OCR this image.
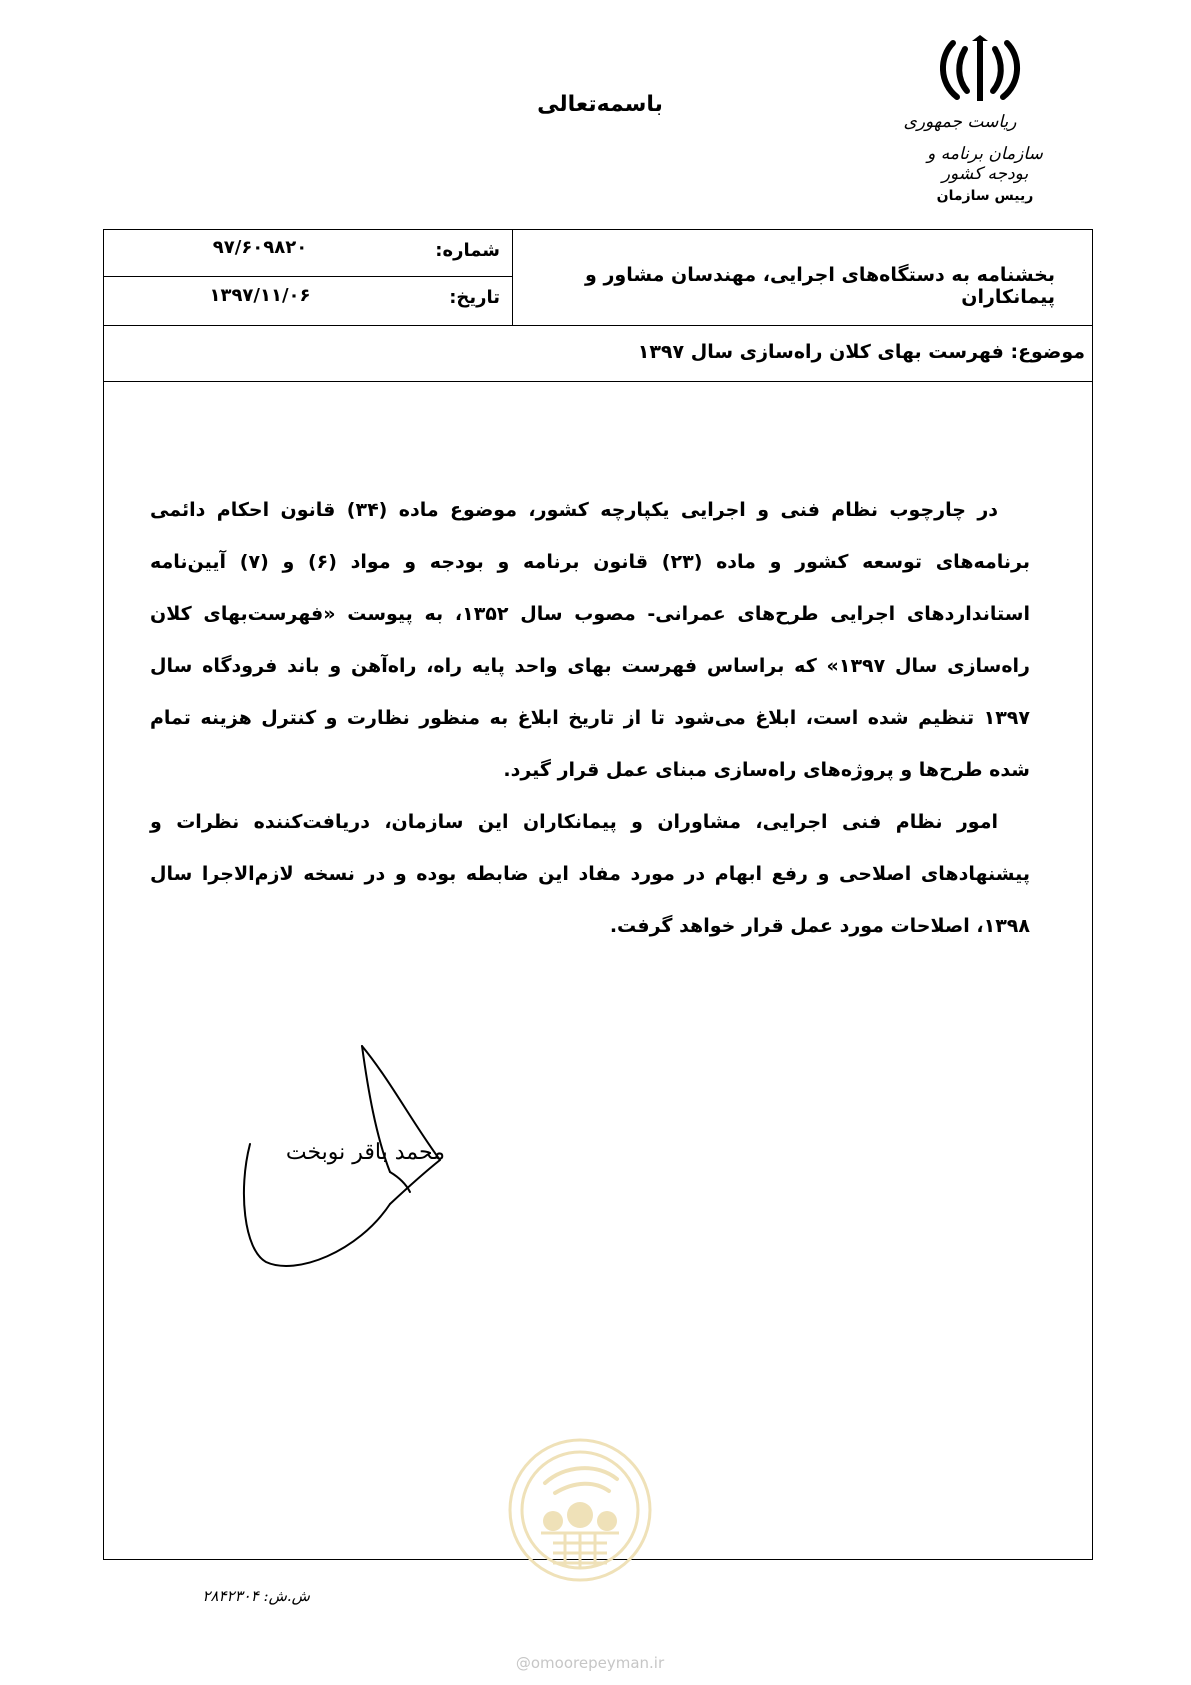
باسمه‌تعالی
ریاست جمهوری
سازمان برنامه و بودجه کشور
رییس سازمان
بخشنامه به دستگاه‌های اجرایی، مهندسان مشاور و پیمانکاران
شماره:
۹۷/۶۰۹۸۲۰
تاریخ:
۱۳۹۷/۱۱/۰۶
موضوع: فهرست بهای کلان راه‌سازی سال ۱۳۹۷

در چارچوب نظام فنی و اجرایی یکپارچه کشور، موضوع ماده (۳۴) قانون احکام دائمی برنامه‌های توسعه کشور و ماده (۲۳) قانون برنامه و بودجه و مواد (۶) و (۷) آیین‌نامه استانداردهای اجرایی طرح‌های عمرانی- مصوب سال ۱۳۵۲، به پیوست «فهرست‌بهای کلان راه‌سازی سال ۱۳۹۷» که براساس فهرست بهای واحد پایه راه، راه‌آهن و باند فرودگاه سال ۱۳۹۷ تنظیم شده است، ابلاغ می‌شود تا از تاریخ ابلاغ به منظور نظارت و کنترل هزینه تمام شده طرح‌ها و پروژه‌های راه‌سازی مبنای عمل قرار گیرد.

امور نظام فنی اجرایی، مشاوران و پیمانکاران این سازمان، دریافت‌کننده نظرات و پیشنهادهای اصلاحی و رفع ابهام در مورد مفاد این ضابطه بوده و در نسخه لازم‌الاجرا سال ۱۳۹۸، اصلاحات مورد عمل قرار خواهد گرفت.

محمد باقر نوبخت
@omoorepeyman.ir
ش.ش: ۲۸۴۲۳۰۴
